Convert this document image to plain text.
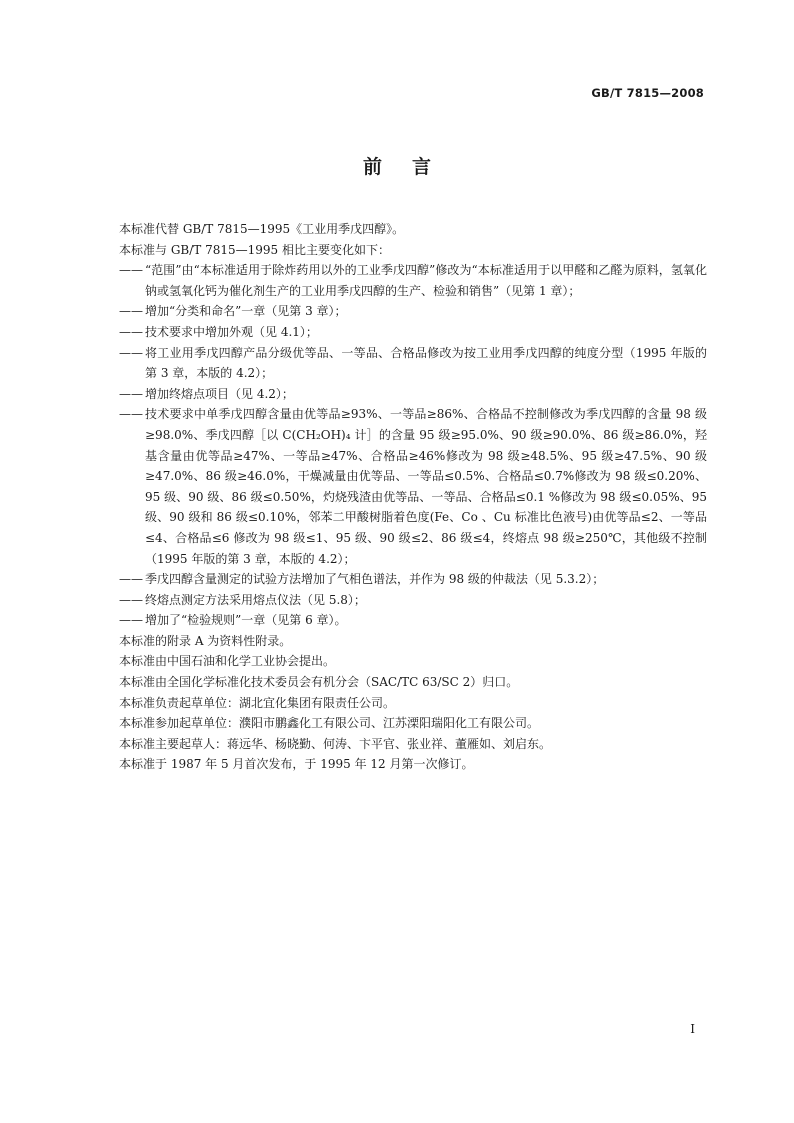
GB/T 7815—2008
前言

本标准代替 GB/T 7815—1995《工业用季戊四醇》。

本标准与 GB/T 7815—1995 相比主要变化如下：

—— “范围”由“本标准适用于除炸药用以外的工业季戊四醇”修改为“本标准适用于以甲醛和乙醛为原料，氢氧化钠或氢氧化钙为催化剂生产的工业用季戊四醇的生产、检验和销售”（见第 1 章）；

—— 增加“分类和命名”一章（见第 3 章）；

—— 技术要求中增加外观（见 4.1）；

—— 将工业用季戊四醇产品分级优等品、一等品、合格品修改为按工业用季戊四醇的纯度分型（1995 年版的第 3 章，本版的 4.2）；

—— 增加终熔点项目（见 4.2）；

—— 技术要求中单季戊四醇含量由优等品≥93%、一等品≥86%、合格品不控制修改为季戊四醇的含量 98 级≥98.0%、季戊四醇［以 C(CH₂OH)₄ 计］的含量 95 级≥95.0%、90 级≥90.0%、86 级≥86.0%，羟基含量由优等品≥47%、一等品≥47%、合格品≥46%修改为 98 级≥48.5%、95 级≥47.5%、90 级≥47.0%、86 级≥46.0%，干燥减量由优等品、一等品≤0.5%、合格品≤0.7%修改为 98 级≤0.20%、95 级、90 级、86 级≤0.50%，灼烧残渣由优等品、一等品、合格品≤0.1 %修改为 98 级≤0.05%、95 级、90 级和 86 级≤0.10%，邻苯二甲酸树脂着色度(Fe、Co 、Cu 标准比色液号)由优等品≤2、一等品≤4、合格品≤6 修改为 98 级≤1、95 级、90 级≤2、86 级≤4，终熔点 98 级≥250℃，其他级不控制（1995 年版的第 3 章，本版的 4.2）；

—— 季戊四醇含量测定的试验方法增加了气相色谱法，并作为 98 级的仲裁法（见 5.3.2）；

—— 终熔点测定方法采用熔点仪法（见 5.8）；

—— 增加了“检验规则”一章（见第 6 章）。

本标准的附录 A 为资料性附录。

本标准由中国石油和化学工业协会提出。

本标准由全国化学标准化技术委员会有机分会（SAC/TC 63/SC 2）归口。

本标准负责起草单位：湖北宜化集团有限责任公司。

本标准参加起草单位：濮阳市鹏鑫化工有限公司、江苏溧阳瑞阳化工有限公司。

本标准主要起草人：蒋远华、杨晓勤、何涛、卞平官、张业祥、董雁如、刘启东。

本标准于 1987 年 5 月首次发布，于 1995 年 12 月第一次修订。

I
